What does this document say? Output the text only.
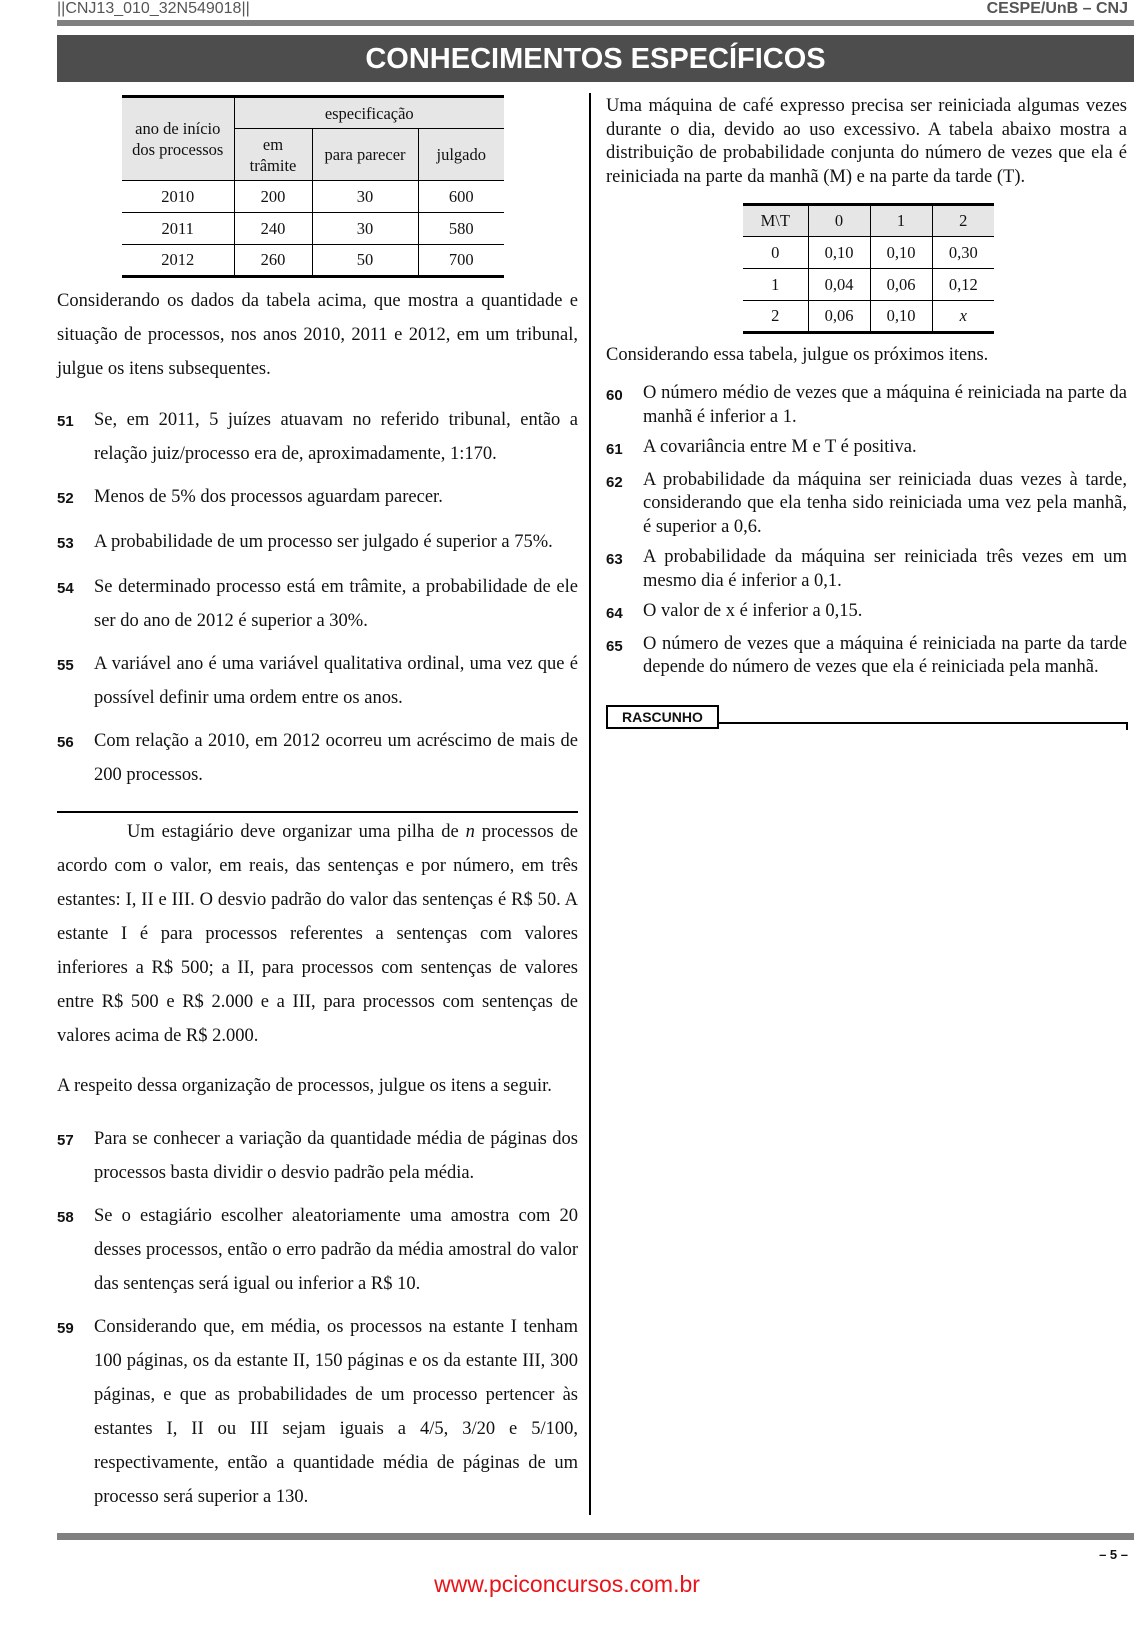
||CNJ13_010_32N549018||	CESPE/UnB – CNJ
CONHECIMENTOS ESPECÍFICOS
ano de início dos processos	especificação		
	em trâmite	para parecer	julgado
2010	200	30	600
2011	240	30	580
2012	260	50	700
Considerando os dados da tabela acima, que mostra a quantidade e situação de processos, nos anos 2010, 2011 e 2012, em um tribunal, julgue os itens subsequentes.
51	Se, em 2011, 5 juízes atuavam no referido tribunal, então a relação juiz/processo era de, aproximadamente, 1:170.
52	Menos de 5% dos processos aguardam parecer.
53	A probabilidade de um processo ser julgado é superior a 75%.
54	Se determinado processo está em trâmite, a probabilidade de ele ser do ano de 2012 é superior a 30%.
55	A variável ano é uma variável qualitativa ordinal, uma vez que é possível definir uma ordem entre os anos.
56	Com relação a 2010, em 2012 ocorreu um acréscimo de mais de 200 processos.
Um estagiário deve organizar uma pilha de n processos de acordo com o valor, em reais, das sentenças e por número, em três estantes: I, II e III. O desvio padrão do valor das sentenças é R$ 50. A estante I é para processos referentes a sentenças com valores inferiores a R$ 500; a II, para processos com sentenças de valores entre R$ 500 e R$ 2.000 e a III, para processos com sentenças de valores acima de R$ 2.000.
A respeito dessa organização de processos, julgue os itens a seguir.
57	Para se conhecer a variação da quantidade média de páginas dos processos basta dividir o desvio padrão pela média.
58	Se o estagiário escolher aleatoriamente uma amostra com 20 desses processos, então o erro padrão da média amostral do valor das sentenças será igual ou inferior a R$ 10.
59	Considerando que, em média, os processos na estante I tenham 100 páginas, os da estante II, 150 páginas e os da estante III, 300 páginas, e que as probabilidades de um processo pertencer às estantes I, II ou III sejam iguais a 4/5, 3/20 e 5/100, respectivamente, então a quantidade média de páginas de um processo será superior a 130.
Uma máquina de café expresso precisa ser reiniciada algumas vezes durante o dia, devido ao uso excessivo. A tabela abaixo mostra a distribuição de probabilidade conjunta do número de vezes que ela é reiniciada na parte da manhã (M) e na parte da tarde (T).
M\T	0	1	2
0	0,10	0,10	0,30
1	0,04	0,06	0,12
2	0,06	0,10	x
Considerando essa tabela, julgue os próximos itens.
60	O número médio de vezes que a máquina é reiniciada na parte da manhã é inferior a 1.
61	A covariância entre M e T é positiva.
62	A probabilidade da máquina ser reiniciada duas vezes à tarde, considerando que ela tenha sido reiniciada uma vez pela manhã, é superior a 0,6.
63	A probabilidade da máquina ser reiniciada três vezes em um mesmo dia é inferior a 0,1.
64	O valor de x é inferior a 0,15.
65	O número de vezes que a máquina é reiniciada na parte da tarde depende do número de vezes que ela é reiniciada pela manhã.
RASCUNHO
– 5 –
www.pciconcursos.com.br
